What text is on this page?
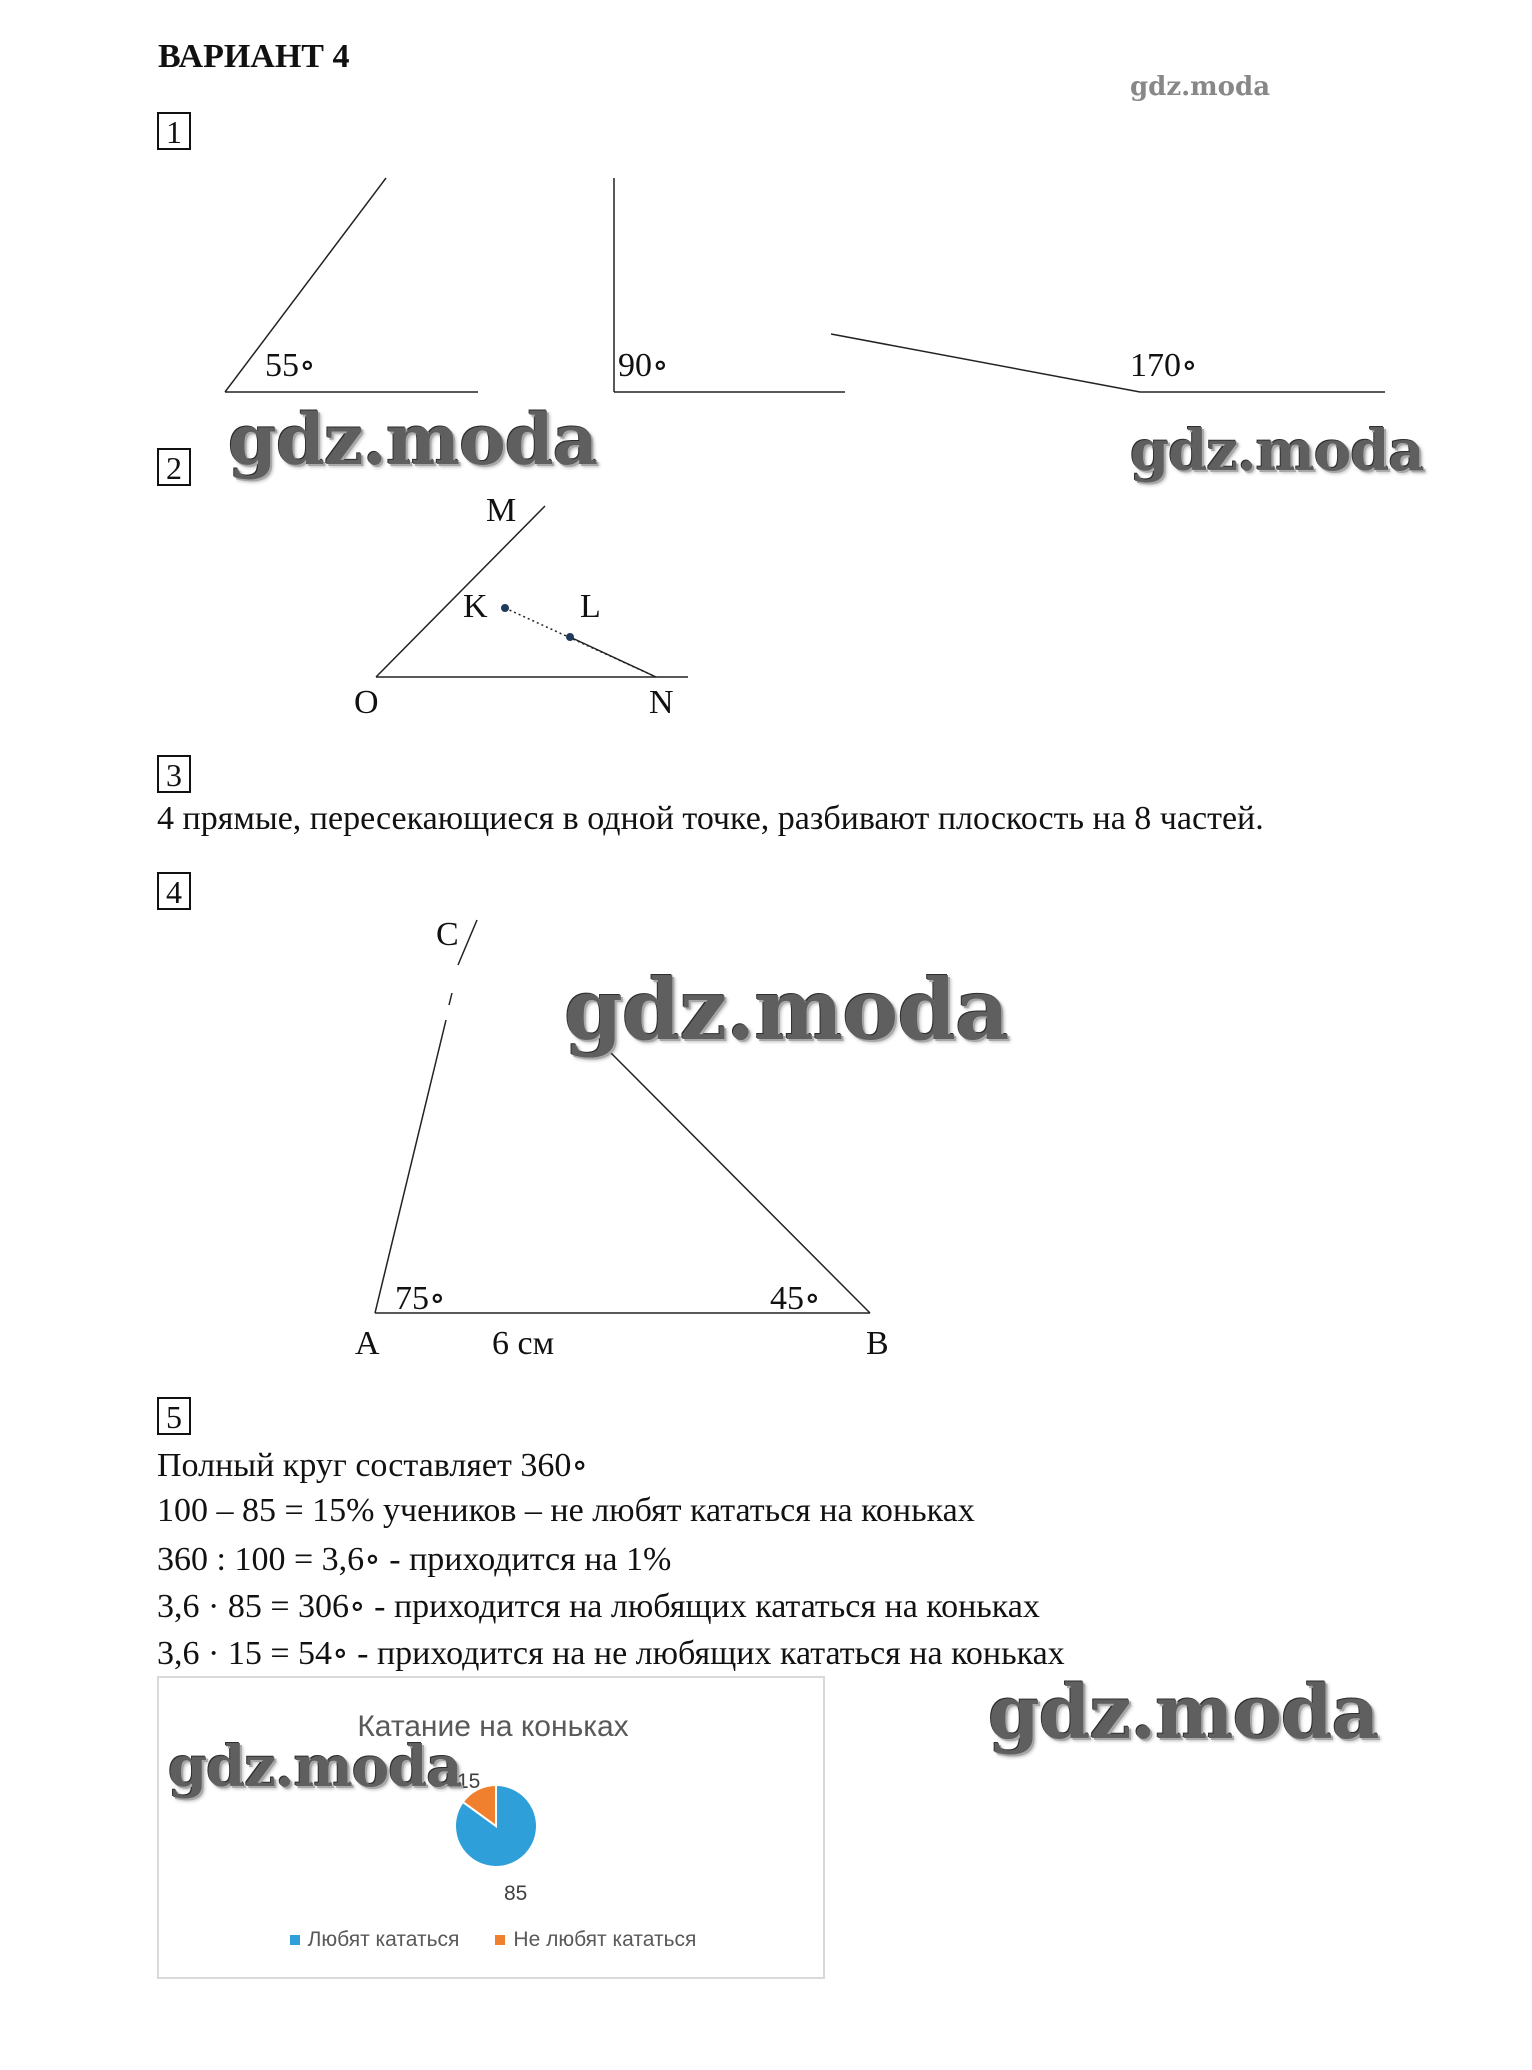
ВАРИАНТ 4
gdz.moda
1
2
3
4
5
55∘	90∘	170∘
M
K	L
O	N
4 прямые, пересекающиеся в одной точке, разбивают плоскость на 8 частей.
C
75∘	45∘
A	6 см	B
Полный круг составляет 360∘
100 – 85 = 15% учеников – не любят кататься на коньках
360 : 100 = 3,6∘ - приходится на 1%
3,6 · 85 = 306∘ - приходится на любящих кататься на коньках
3,6 · 15 = 54∘ - приходится на не любящих кататься на коньках
Катание на коньках
15
85
Любят кататься	Не любят кататься
gdz.moda	gdz.moda
gdz.moda
gdz.moda
gdz.moda
